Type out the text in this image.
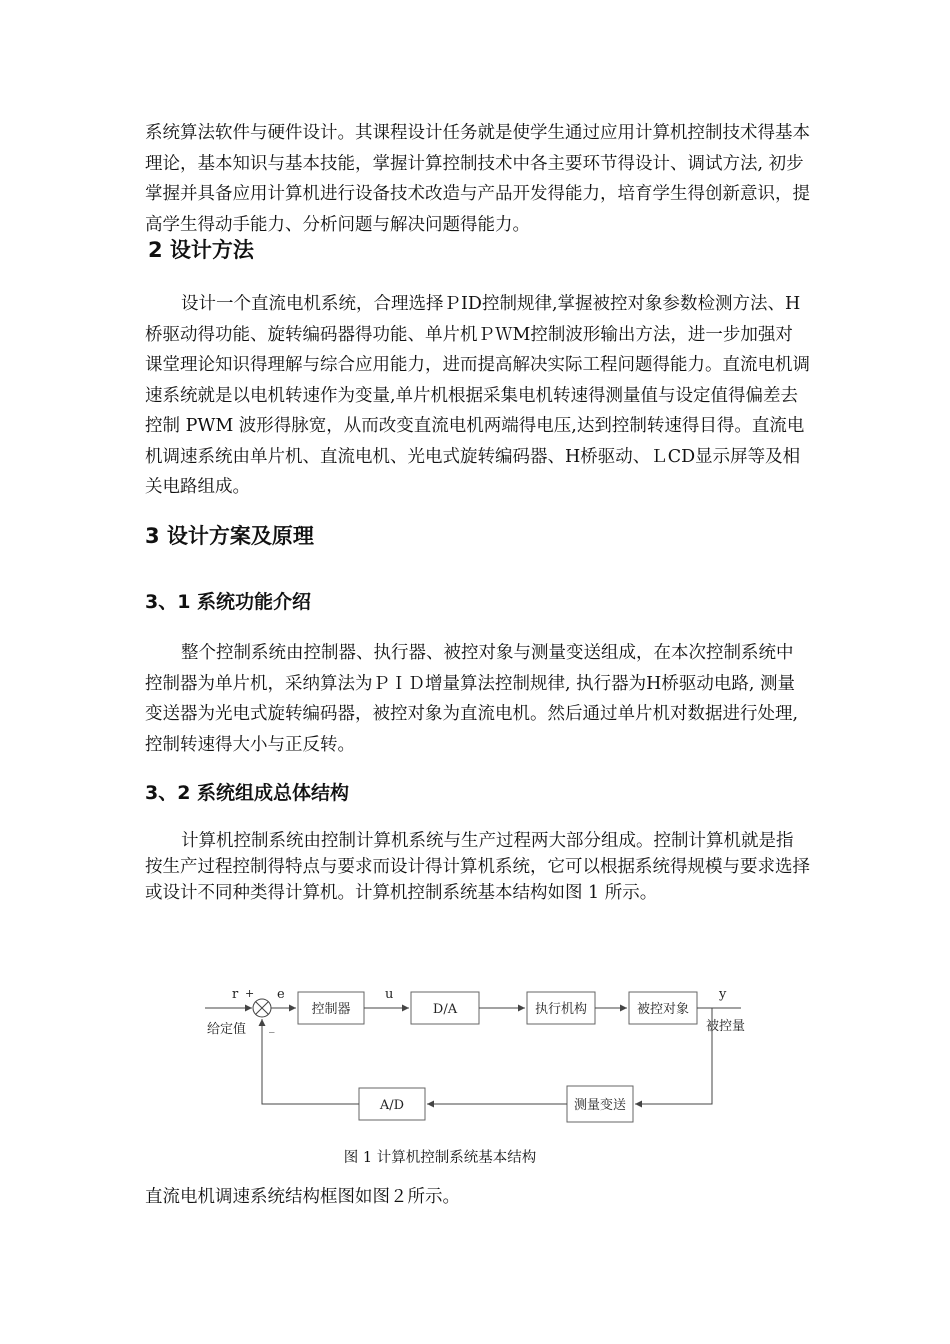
系统算法软件与硬件设计。其课程设计任务就是使学生通过应用计算机控制技术得基本理论，基本知识与基本技能，掌握计算控制技术中各主要环节得设计、调试方法, 初步掌握并具备应用计算机进行设备技术改造与产品开发得能力，培育学生得创新意识，提高学生得动手能力、分析问题与解决问题得能力。

2 设计方法

设计一个直流电机系统，合理选择ＰID控制规律,掌握被控对象参数检测方法、H桥驱动得功能、旋转编码器得功能、单片机ＰＷM控制波形输出方法，进一步加强对课堂理论知识得理解与综合应用能力，进而提高解决实际工程问题得能力。直流电机调速系统就是以电机转速作为变量,单片机根据采集电机转速得测量值与设定值得偏差去控制 PWM 波形得脉宽，从而改变直流电机两端得电压,达到控制转速得目得。直流电机调速系统由单片机、直流电机、光电式旋转编码器、H桥驱动、ＬCD显示屏等及相关电路组成。

3 设计方案及原理
3、1 系统功能介绍

整个控制系统由控制器、执行器、被控对象与测量变送组成，在本次控制系统中控制器为单片机，采纳算法为ＰＩＤ增量算法控制规律, 执行器为H桥驱动电路, 测量变送器为光电式旋转编码器，被控对象为直流电机。然后通过单片机对数据进行处理, 控制转速得大小与正反转。

3、2 系统组成总体结构

计算机控制系统由控制计算机系统与生产过程两大部分组成。控制计算机就是指按生产过程控制得特点与要求而设计得计算机系统，它可以根据系统得规模与要求选择或设计不同种类得计算机。计算机控制系统基本结构如图 1 所示。

控制器	D/A	执行机构	被控对象
测量变送
A/D
r + e
_
u	y
给定值	被控量
图 1 计算机控制系统基本结构

直流电机调速系统结构框图如图２所示。
